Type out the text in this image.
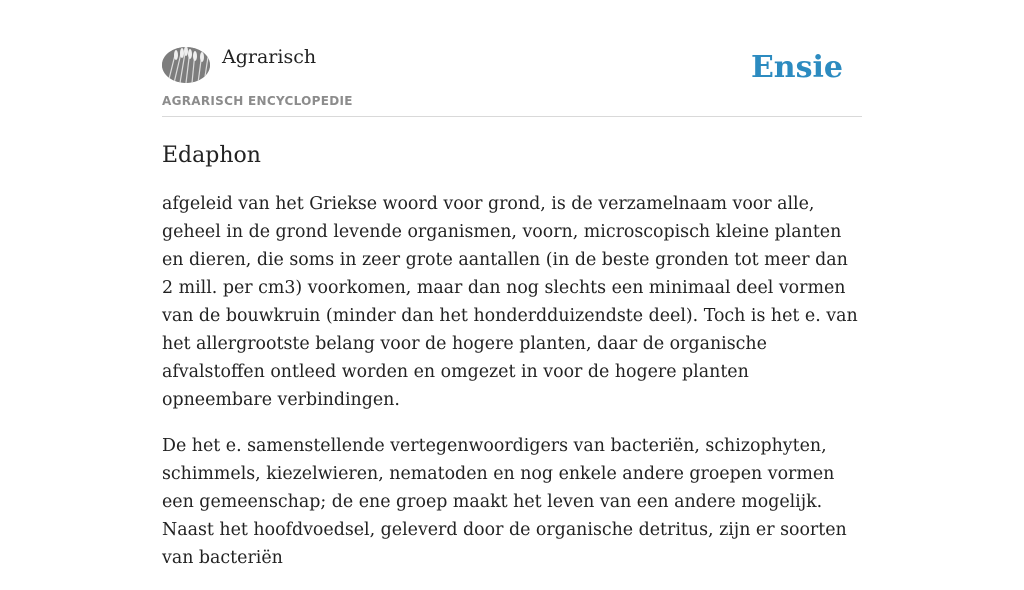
Agrarisch
AGRARISCH ENCYCLOPEDIE
Ensie
Edaphon

afgeleid van het Griekse woord voor grond, is de verzamelnaam voor alle, geheel in de grond levende organismen, voorn, microscopisch kleine planten en dieren, die soms in zeer grote aantallen (in de beste gronden tot meer dan 2 mill. per cm3) voorkomen, maar dan nog slechts een minimaal deel vormen van de bouwkruin (minder dan het honderdduizendste deel). Toch is het e. van het allergrootste belang voor de hogere planten, daar de organische afvalstoffen ontleed worden en omgezet in voor de hogere planten opneembare verbindingen.

De het e. samenstellende vertegenwoordigers van bacteriën, schizophyten, schimmels, kiezelwieren, nematoden en nog enkele andere groepen vormen een gemeenschap; de ene groep maakt het leven van een andere mogelijk. Naast het hoofdvoedsel, geleverd door de organische detritus, zijn er soorten van bacteriën
